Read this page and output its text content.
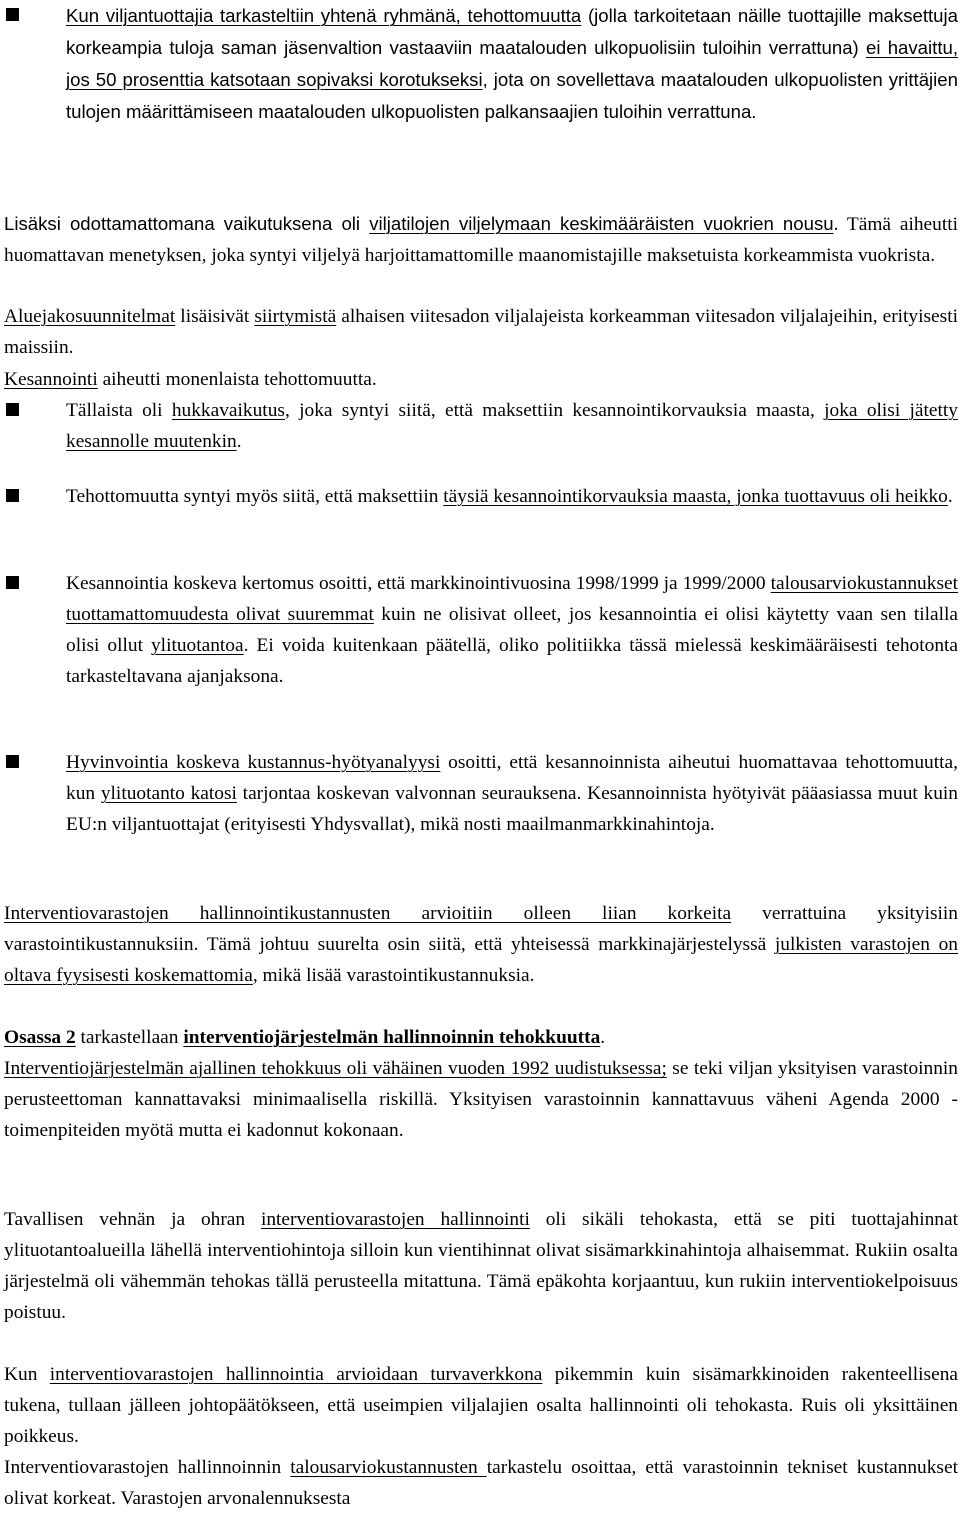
Kun viljantuottajia tarkasteltiin yhtenä ryhmänä, tehottomuutta (jolla tarkoitetaan näille tuottajille maksettuja korkeampia tuloja saman jäsenvaltion vastaaviin maatalouden ulkopuolisiin tuloihin verrattuna) ei havaittu, jos 50 prosenttia katsotaan sopivaksi korotukseksi, jota on sovellettava maatalouden ulkopuolisten yrittäjien tulojen määrittämiseen maatalouden ulkopuolisten palkansaajien tuloihin verrattuna.
Lisäksi odottamattomana vaikutuksena oli viljatilojen viljelymaan keskimääräisten vuokrien nousu. Tämä aiheutti huomattavan menetyksen, joka syntyi viljelyä harjoittamattomille maanomistajille maksetuista korkeammista vuokrista.
Aluejakosuunnitelmat lisäisivät siirtymistä alhaisen viitesadon viljalajeista korkeamman viitesadon viljalajeihin, erityisesti maissiin.
Kesannointi aiheutti monenlaista tehottomuutta.
Tällaista oli hukkavaikutus, joka syntyi siitä, että maksettiin kesannointikorvauksia maasta, joka olisi jätetty kesannolle muutenkin.
Tehottomuutta syntyi myös siitä, että maksettiin täysiä kesannointikorvauksia maasta, jonka tuottavuus oli heikko.
Kesannointia koskeva kertomus osoitti, että markkinointivuosina 1998/1999 ja 1999/2000 talousarviokustannukset tuottamattomuudesta olivat suuremmat kuin ne olisivat olleet, jos kesannointia ei olisi käytetty vaan sen tilalla olisi ollut ylituotantoa. Ei voida kuitenkaan päätellä, oliko politiikka tässä mielessä keskimääräisesti tehotonta tarkasteltavana ajanjaksona.
Hyvinvointia koskeva kustannus-hyötyanalyysi osoitti, että kesannoinnista aiheutui huomattavaa tehottomuutta, kun ylituotanto katosi tarjontaa koskevan valvonnan seurauksena. Kesannoinnista hyötyivät pääasiassa muut kuin EU:n viljantuottajat (erityisesti Yhdysvallat), mikä nosti maailmanmarkkinahintoja.
Interventiovarastojen hallinnointikustannusten arvioitiin olleen liian korkeita verrattuina yksityisiin varastointikustannuksiin. Tämä johtuu suurelta osin siitä, että yhteisessä markkinajärjestelyssä julkisten varastojen on oltava fyysisesti koskemattomia, mikä lisää varastointikustannuksia.
Osassa 2 tarkastellaan interventiojärjestelmän hallinnoinnin tehokkuutta.
Interventiojärjestelmän ajallinen tehokkuus oli vähäinen vuoden 1992 uudistuksessa; se teki viljan yksityisen varastoinnin perusteettoman kannattavaksi minimaalisella riskillä. Yksityisen varastoinnin kannattavuus väheni Agenda 2000 -toimenpiteiden myötä mutta ei kadonnut kokonaan.
Tavallisen vehnän ja ohran interventiovarastojen hallinnointi oli sikäli tehokasta, että se piti tuottajahinnat ylituotantoalueilla lähellä interventiohintoja silloin kun vientihinnat olivat sisämarkkinahintoja alhaisemmat. Rukiin osalta järjestelmä oli vähemmän tehokas tällä perusteella mitattuna. Tämä epäkohta korjaantuu, kun rukiin interventiokelpoisuus poistuu.
Kun interventiovarastojen hallinnointia arvioidaan turvaverkkona pikemmin kuin sisämarkkinoiden rakenteellisena tukena, tullaan jälleen johtopäätökseen, että useimpien viljalajien osalta hallinnointi oli tehokasta. Ruis oli yksittäinen poikkeus.
Interventiovarastojen hallinnoinnin talousarviokustannusten tarkastelu osoittaa, että varastoinnin tekniset kustannukset olivat korkeat. Varastojen arvonalennuksesta
